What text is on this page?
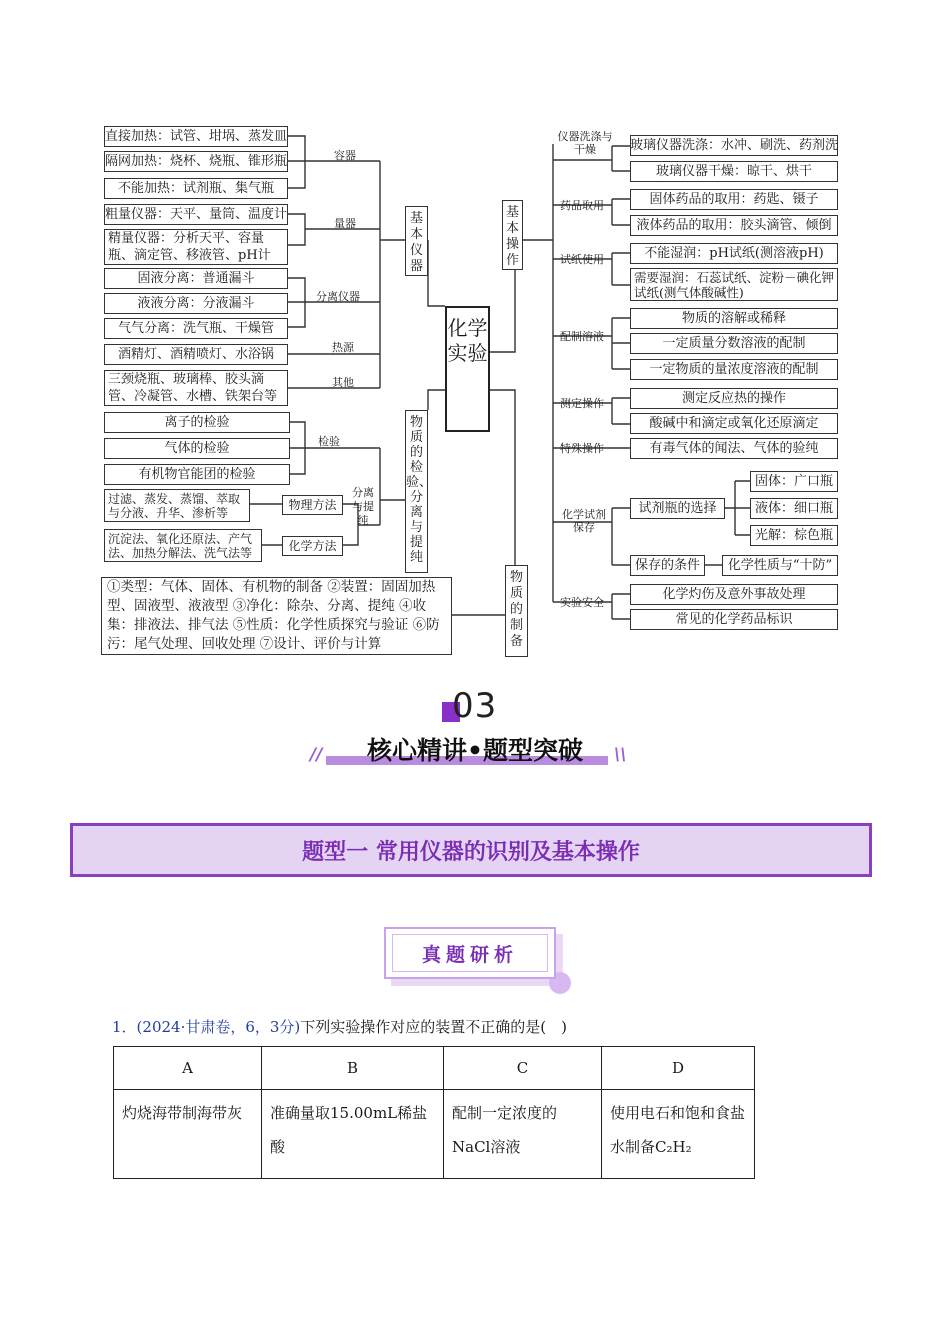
直接加热：试管、坩埚、蒸发皿
隔网加热：烧杯、烧瓶、锥形瓶
不能加热：试剂瓶、集气瓶
容器
粗量仪器：天平、量筒、温度计
精量仪器：分析天平、容量瓶、滴定管、移液管、pH计
量器
固液分离：普通漏斗
液液分离：分液漏斗
气气分离：洗气瓶、干燥管
分离仪器
酒精灯、酒精喷灯、水浴锅	热源
三颈烧瓶、玻璃棒、胶头滴管、冷凝管、水槽、铁架台等
其他
基本仪器
离子的检验
气体的检验
有机物官能团的检验
检验
过滤、蒸发、蒸馏、萃取与分液、升华、渗析等
物理方法
沉淀法、氧化还原法、产气法、加热分解法、洗气法等	化学方法
分离与提纯
物质的检验、分离与提纯
①类型：气体、固体、有机物的制备 ②装置：固固加热型、固液型、液液型 ③净化：除杂、分离、提纯 ④收集：排液法、排气法 ⑤性质：化学性质探究与验证 ⑥防污：尾气处理、回收处理 ⑦设计、评价与计算
物质的制备
化学实验
基本操作
仪器洗涤与干燥	玻璃仪器洗涤：水冲、刷洗、药剂洗
玻璃仪器干燥：晾干、烘干
药品取用	固体药品的取用：药匙、镊子
液体药品的取用：胶头滴管、倾倒
试纸使用	不能湿润：pH试纸(测溶液pH)
需要湿润：石蕊试纸、淀粉－碘化钾试纸(测气体酸碱性)
配制溶液
物质的溶解或稀释
一定质量分数溶液的配制
一定物质的量浓度溶液的配制
测定操作	测定反应热的操作
酸碱中和滴定或氧化还原滴定
特殊操作	有毒气体的闻法、气体的验纯
化学试剂保存
试剂瓶的选择
固体：广口瓶
液体：细口瓶
光解：棕色瓶
保存的条件	化学性质与“十防”
实验安全
化学灼伤及意外事故处理
常见的化学药品标识
03
核心精讲•题型突破
//	\\
题型一 常用仪器的识别及基本操作
真题研析
1．(2024·甘肃卷，6，3分)下列实验操作对应的装置不正确的是(　)
A	B	C	D
灼烧海带制海带灰	准确量取15.00mL稀盐酸	配制一定浓度的NaCl溶液	使用电石和饱和食盐水制备C₂H₂
